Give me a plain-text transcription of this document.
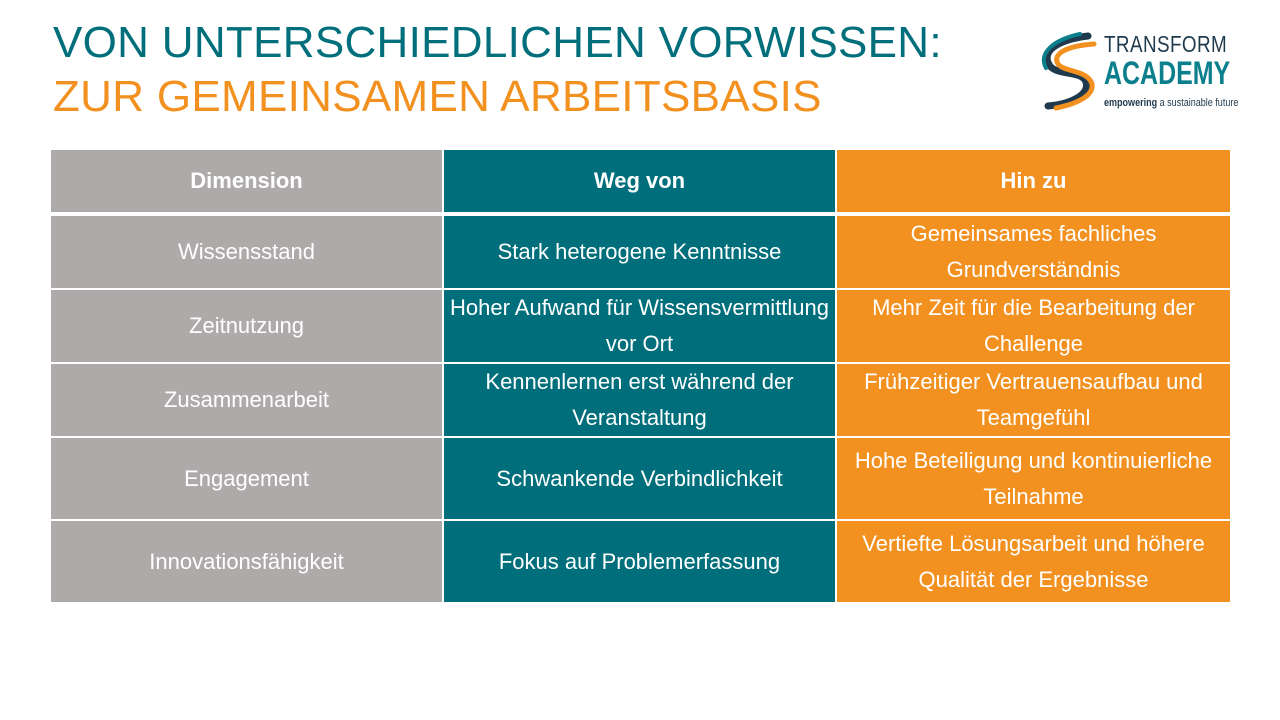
VON UNTERSCHIEDLICHEN VORWISSEN:
ZUR GEMEINSAMEN ARBEITSBASIS
TRANSFORM
ACADEMY
empowering a sustainable future
Dimension	Weg von	Hin zu
Wissensstand	Stark heterogene Kenntnisse	Gemeinsames fachliches Grundverständnis
Zeitnutzung	Hoher Aufwand für Wissensvermittlung vor Ort	Mehr Zeit für die Bearbeitung der Challenge
Zusammenarbeit	Kennenlernen erst während der Veranstaltung	Frühzeitiger Vertrauensaufbau und Teamgefühl
Engagement	Schwankende Verbindlichkeit	Hohe Beteiligung und kontinuierliche Teilnahme
Innovationsfähigkeit	Fokus auf Problemerfassung	Vertiefte Lösungsarbeit und höhere Qualität der Ergebnisse
